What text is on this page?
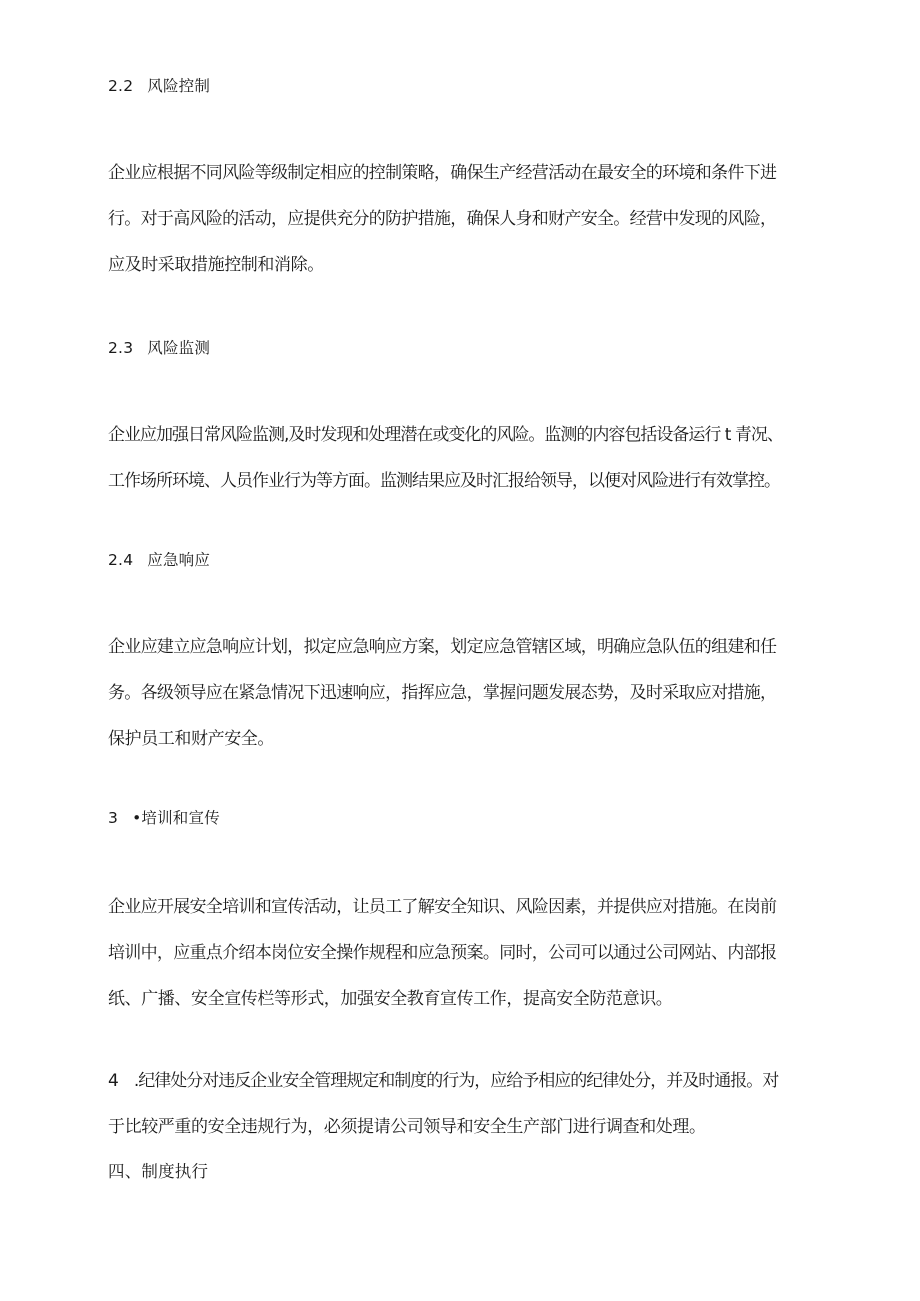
2.2 风险控制
企业应根据不同风险等级制定相应的控制策略，确保生产经营活动在最安全的环境和条件下进
行。对于高风险的活动，应提供充分的防护措施，确保人身和财产安全。经营中发现的风险，
应及时采取措施控制和消除。
2.3 风险监测
企业应加强日常风险监测,及时发现和处理潜在或变化的风险。监测的内容包括设备运行 t 青况、
工作场所环境、人员作业行为等方面。监测结果应及时汇报给领导，以便对风险进行有效掌控。
2.4 应急响应
企业应建立应急响应计划，拟定应急响应方案，划定应急管辖区域，明确应急队伍的组建和任
务。各级领导应在紧急情况下迅速响应，指挥应急，掌握问题发展态势，及时采取应对措施，
保护员工和财产安全。
3 •培训和宣传
企业应开展安全培训和宣传活动，让员工了解安全知识、风险因素，并提供应对措施。在岗前
培训中，应重点介绍本岗位安全操作规程和应急预案。同时，公司可以通过公司网站、内部报
纸、广播、安全宣传栏等形式，加强安全教育宣传工作，提高安全防范意识。
4　.纪律处分对违反企业安全管理规定和制度的行为，应给予相应的纪律处分，并及时通报。对
于比较严重的安全违规行为，必须提请公司领导和安全生产部门进行调查和处理。
四、制度执行
